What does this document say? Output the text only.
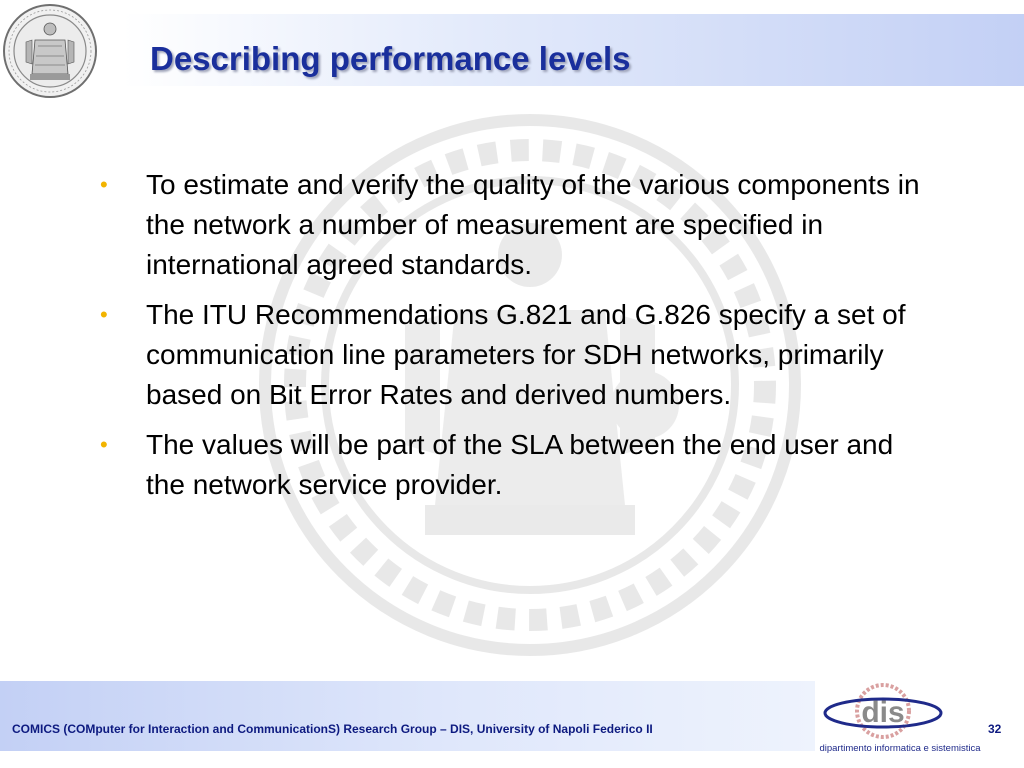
Describing performance levels
• To estimate and verify the quality of the various components in the network a number of measurement are specified in international agreed standards.
• The ITU Recommendations G.821 and G.826 specify a set of communication line parameters for SDH networks, primarily based on Bit Error Rates and derived numbers.
• The values will be part of the SLA between the end user and the network service provider.

COMICS (COMputer for Interaction and CommunicationS) Research Group – DIS, University of Napoli Federico II	dis
dipartimento informatica e sistemistica

32
